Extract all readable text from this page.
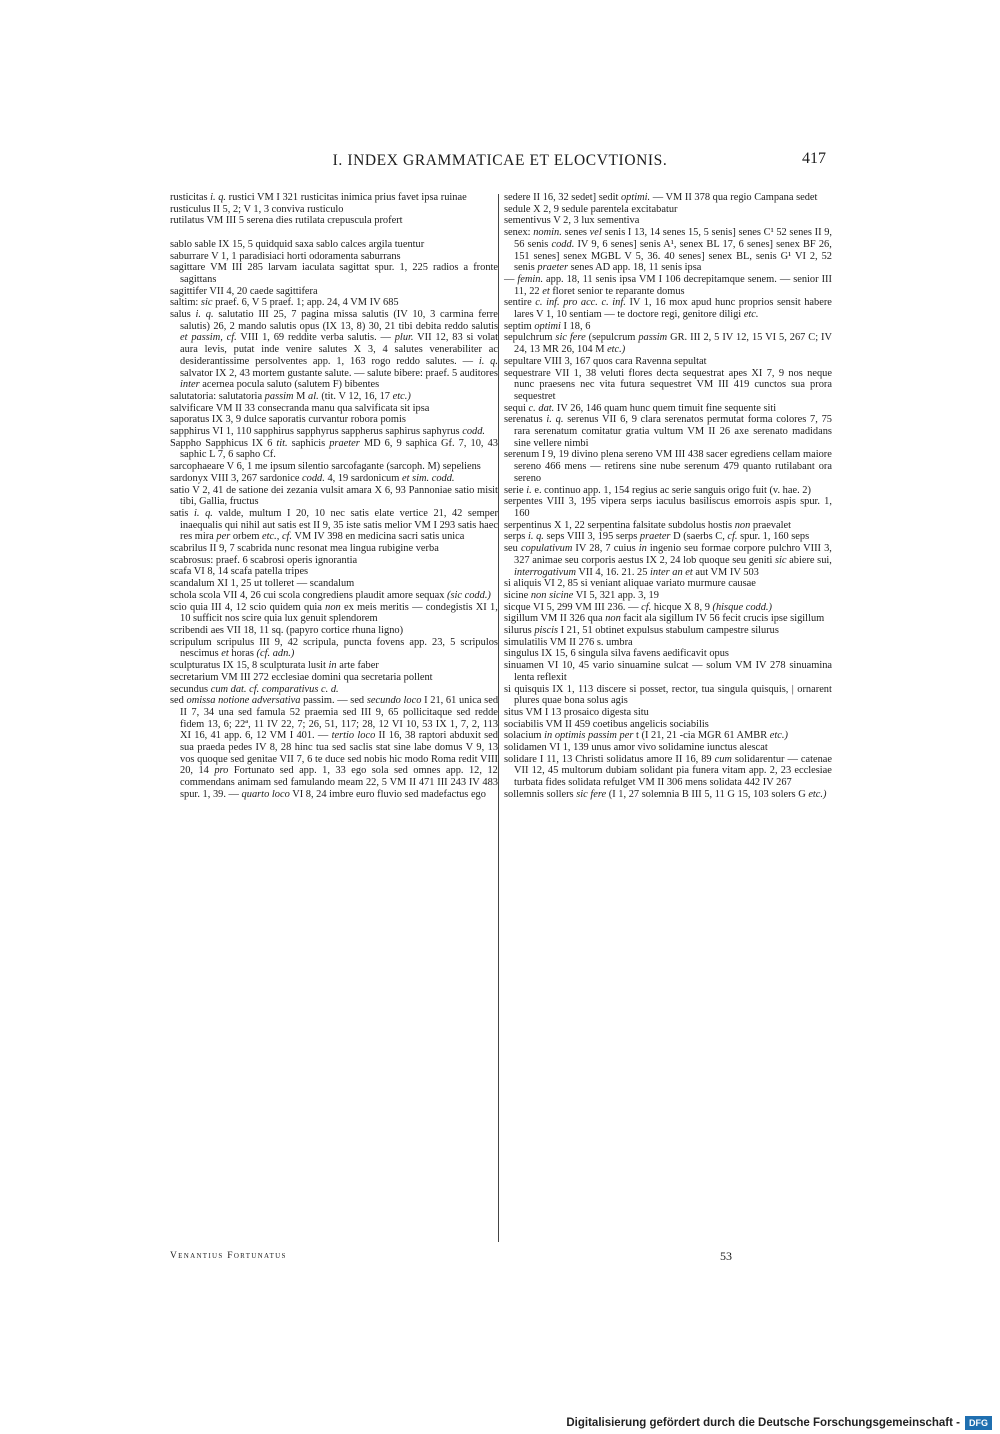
I. INDEX GRAMMATICAE ET ELOCVTIONIS.	417

rusticitas i. q. rustici VM I 321 rusticitas inimica prius favet ipsa ruinae

rusticulus II 5, 2; V 1, 3 conviva rusticulo

rutilatus VM III 5 serena dies rutilata crepuscula profert

sablo sable IX 15, 5 quidquid saxa sablo calces argila tuentur

saburrare V 1, 1 paradisiaci horti odoramenta saburrans

sagittare VM III 285 larvam iaculata sagittat spur. 1, 225 radios a fronte sagittans

sagittifer VII 4, 20 caede sagittifera

saltim: sic praef. 6, V 5 praef. 1; app. 24, 4 VM IV 685

salus i. q. salutatio III 25, 7 pagina missa salutis (IV 10, 3 carmina ferre salutis) 26, 2 mando salutis opus (IX 13, 8) 30, 21 tibi debita reddo salutis et passim, cf. VIII 1, 69 reddite verba salutis. — plur. VII 12, 83 si volat aura levis, putat inde venire salutes X 3, 4 salutes venerabiliter ac desiderantissime persolventes app. 1, 163 rogo reddo salutes. — i. q. salvator IX 2, 43 mortem gustante salute. — salute bibere: praef. 5 auditores inter acernea pocula saluto (salutem F) bibentes

salutatoria: salutatoria passim M al. (tit. V 12, 16, 17 etc.)

salvificare VM II 33 consecranda manu qua salvificata sit ipsa

saporatus IX 3, 9 dulce saporatis curvantur robora pomis

sapphirus VI 1, 110 sapphirus sapphyrus sappherus saphirus saphyrus codd.

Sappho Sapphicus IX 6 tit. saphicis praeter MD 6, 9 saphica Gf. 7, 10, 43 saphic L 7, 6 sapho Cf.

sarcophaeare V 6, 1 me ipsum silentio sarcofagante (sarcoph. M) sepeliens

sardonyx VIII 3, 267 sardonice codd. 4, 19 sardonicum et sim. codd.

satio V 2, 41 de satione dei zezania vulsit amara X 6, 93 Pannoniae satio misit tibi, Gallia, fructus

satis i. q. valde, multum I 20, 10 nec satis elate vertice 21, 42 semper inaequalis qui nihil aut satis est II 9, 35 iste satis melior VM I 293 satis haec res mira per orbem etc., cf. VM IV 398 en medicina sacri satis unica

scabrilus II 9, 7 scabrida nunc resonat mea lingua rubigine verba

scabrosus: praef. 6 scabrosi operis ignorantia

scafa VI 8, 14 scafa patella tripes

scandalum XI 1, 25 ut tolleret — scandalum

schola scola VII 4, 26 cui scola congrediens plaudit amore sequax (sic codd.)

scio quia III 4, 12 scio quidem quia non ex meis meritis — condegistis XI 1, 10 sufficit nos scire quia lux genuit splendorem

scribendi aes VII 18, 11 sq. (papyro cortice rhuna ligno)

scripulum scripulus III 9, 42 scripula, puncta fovens app. 23, 5 scripulos nescimus et horas (cf. adn.)

sculpturatus IX 15, 8 sculpturata lusit in arte faber

secretarium VM III 272 ecclesiae domini qua secretaria pollent

secundus cum dat. cf. comparativus c. d.

sed omissa notione adversativa passim. — sed secundo loco I 21, 61 unica sed II 7, 34 una sed famula 52 praemia sed III 9, 65 pollicitaque sed redde fidem 13, 6; 22ª, 11 IV 22, 7; 26, 51, 117; 28, 12 VI 10, 53 IX 1, 7, 2, 113 XI 16, 41 app. 6, 12 VM I 401. — tertio loco II 16, 38 raptori abduxit sed sua praeda pedes IV 8, 28 hinc tua sed saclis stat sine labe domus V 9, 13 vos quoque sed genitae VII 7, 6 te duce sed nobis hic modo Roma redit VIII 20, 14 pro Fortunato sed app. 1, 33 ego sola sed omnes app. 12, 12 commendans animam sed famulando meam 22, 5 VM II 471 III 243 IV 483 spur. 1, 39. — quarto loco VI 8, 24 imbre euro fluvio sed madefactus ego

sedere II 16, 32 sedet] sedit optimi. — VM II 378 qua regio Campana sedet

sedule X 2, 9 sedule parentela excitabatur

sementivus V 2, 3 lux sementiva

senex: nomin. senes vel senis I 13, 14 senes 15, 5 senis] senes C¹ 52 senes II 9, 56 senis codd. IV 9, 6 senes] senis A¹, senex BL 17, 6 senes] senex BF 26, 151 senes] senex MGBL V 5, 36. 40 senes] senex BL, senis G¹ VI 2, 52 senis praeter senes AD app. 18, 11 senis ipsa

— femin. app. 18, 11 senis ipsa VM I 106 decrepitamque senem. — senior III 11, 22 et floret senior te reparante domus

sentire c. inf. pro acc. c. inf. IV 1, 16 mox apud hunc proprios sensit habere lares V 1, 10 sentiam — te doctore regi, genitore diligi etc.

septim optimi I 18, 6

sepulchrum sic fere (sepulcrum passim GR. III 2, 5 IV 12, 15 VI 5, 267 C; IV 24, 13 MR 26, 104 M etc.)

sepultare VIII 3, 167 quos cara Ravenna sepultat

sequestrare VII 1, 38 veluti flores decta sequestrat apes XI 7, 9 nos neque nunc praesens nec vita futura sequestret VM III 419 cunctos sua prora sequestret

sequi c. dat. IV 26, 146 quam hunc quem timuit fine sequente siti

serenatus i. q. serenus VII 6, 9 clara serenatos permutat forma colores 7, 75 rara serenatum comitatur gratia vultum VM II 26 axe serenato madidans sine vellere nimbi

serenum I 9, 19 divino plena sereno VM III 438 sacer egrediens cellam maiore sereno 466 mens — retirens sine nube serenum 479 quanto rutilabant ora sereno

serie i. e. continuo app. 1, 154 regius ac serie sanguis origo fuit (v. hae. 2)

serpentes VIII 3, 195 vipera serps iaculus basiliscus emorrois aspis spur. 1, 160

serpentinus X 1, 22 serpentina falsitate subdolus hostis non praevalet

serps i. q. seps VIII 3, 195 serps praeter D (saerbs C, cf. spur. 1, 160 seps

seu copulativum IV 28, 7 cuius in ingenio seu formae corpore pulchro VIII 3, 327 animae seu corporis aestus IX 2, 24 lob quoque seu geniti sic abiere sui, interrogativum VII 4, 16. 21. 25 inter an et aut VM IV 503

si aliquis VI 2, 85 si veniant aliquae variato murmure causae

sicine non sicine VI 5, 321 app. 3, 19

sicque VI 5, 299 VM III 236. — cf. hicque X 8, 9 (hisque codd.)

sigillum VM II 326 qua non facit ala sigillum IV 56 fecit crucis ipse sigillum

silurus piscis I 21, 51 obtinet expulsus stabulum campestre silurus

simulatilis VM II 276 s. umbra

singulus IX 15, 6 singula silva favens aedificavit opus

sinuamen VI 10, 45 vario sinuamine sulcat — solum VM IV 278 sinuamina lenta reflexit

si quisquis IX 1, 113 discere si posset, rector, tua singula quisquis, | ornarent plures quae bona solus agis

situs VM I 13 prosaico digesta situ

sociabilis VM II 459 coetibus angelicis sociabilis

solacium in optimis passim per t (I 21, 21 -cia MGR 61 AMBR etc.)

solidamen VI 1, 139 unus amor vivo solidamine iunctus alescat

solidare I 11, 13 Christi solidatus amore II 16, 89 cum solidarentur — catenae VII 12, 45 multorum dubiam solidant pia funera vitam app. 2, 23 ecclesiae turbata fides solidata refulget VM II 306 mens solidata 442 IV 267

sollemnis sollers sic fere (I 1, 27 solemnia B III 5, 11 G 15, 103 solers G etc.)

Venantius Fortunatus	53
Digitalisierung gefördert durch die Deutsche Forschungsgemeinschaft -	DFG
